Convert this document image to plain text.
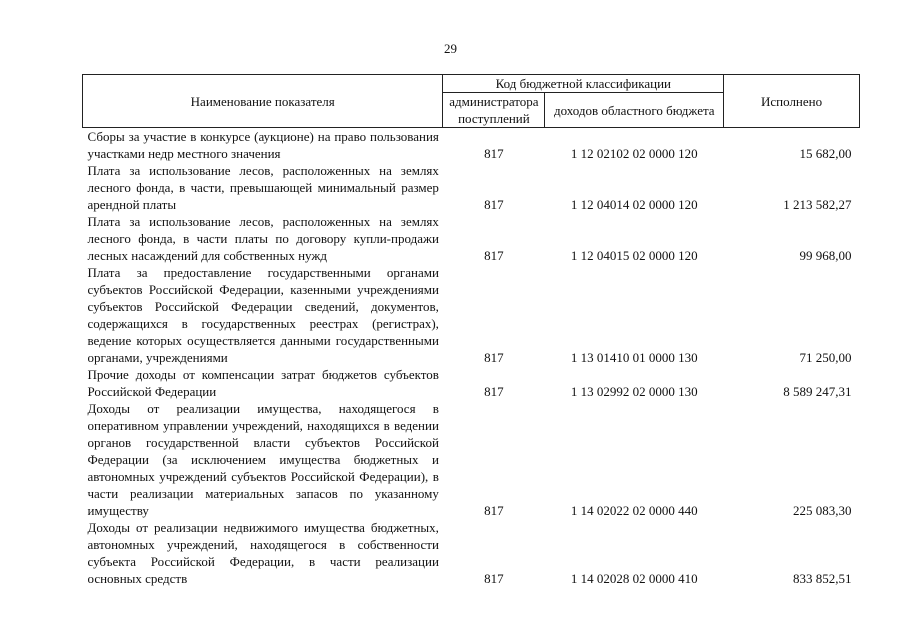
29
Наименование показателя	Код бюджетной классификации		Исполнено
	администратора поступлений	доходов областного бюджета	
Сборы за участие в конкурсе (аукционе) на право пользования участками недр местного значения	817	1 12 02102 02 0000 120	15 682,00
Плата за использование лесов, расположенных на землях лесного фонда, в части, превышающей минимальный размер арендной платы	817	1 12 04014 02 0000 120	1 213 582,27
Плата за использование лесов, расположенных на землях лесного фонда, в части платы по договору купли-продажи лесных насаждений для собственных нужд	817	1 12 04015 02 0000 120	99 968,00
Плата за предоставление государственными органами субъектов Российской Федерации, казенными учреждениями субъектов Российской Федерации сведений, документов, содержащихся в государственных реестрах (регистрах), ведение которых осуществляется данными государственными органами, учреждениями	817	1 13 01410 01 0000 130	71 250,00
Прочие доходы от компенсации затрат бюджетов субъектов Российской Федерации	817	1 13 02992 02 0000 130	8 589 247,31
Доходы от реализации имущества, находящегося в оперативном управлении учреждений, находящихся в ведении органов государственной власти субъектов Российской Федерации (за исключением имущества бюджетных и автономных учреждений субъектов Российской Федерации), в части реализации материальных запасов по указанному имуществу	817	1 14 02022 02 0000 440	225 083,30
Доходы от реализации недвижимого имущества бюджетных, автономных учреждений, находящегося в собственности субъекта Российской Федерации, в части реализации основных средств	817	1 14 02028 02 0000 410	833 852,51
